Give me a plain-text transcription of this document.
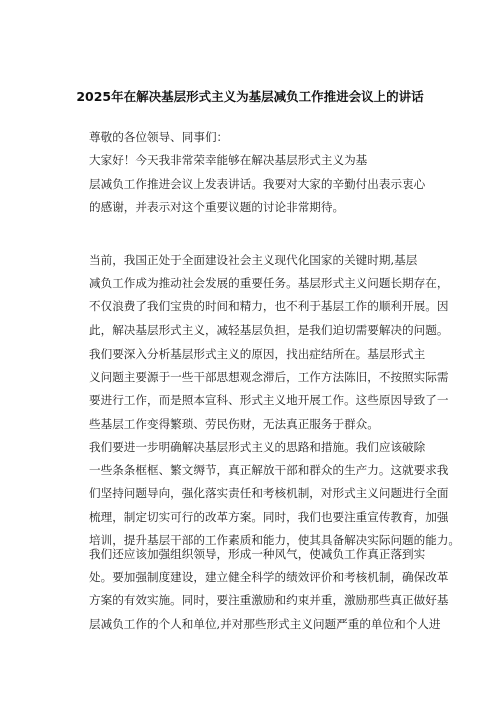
2025年在解决基层形式主义为基层减负工作推进会议上的讲话
尊敬的各位领导、同事们：
大家好！今天我非常荣幸能够在解决基层形式主义为基
层减负工作推进会议上发表讲话。我要对大家的辛勤付出表示衷心
的感谢，并表示对这个重要议题的讨论非常期待。
当前，我国正处于全面建设社会主义现代化国家的关键时期,基层
减负工作成为推动社会发展的重要任务。基层形式主义问题长期存在，
不仅浪费了我们宝贵的时间和精力，也不利于基层工作的顺利开展。因
此，解决基层形式主义，减轻基层负担，是我们迫切需要解决的问题。
我们要深入分析基层形式主义的原因，找出症结所在。基层形式主
义问题主要源于一些干部思想观念滞后，工作方法陈旧，不按照实际需
要进行工作，而是照本宣科、形式主义地开展工作。这些原因导致了一
些基层工作变得繁琐、劳民伤财，无法真正服务于群众。
我们要进一步明确解决基层形式主义的思路和措施。我们应该破除
一些条条框框、繁文缛节，真正解放干部和群众的生产力。这就要求我
们坚持问题导向，强化落实责任和考核机制，对形式主义问题进行全面
梳理，制定切实可行的改革方案。同时，我们也要注重宣传教育，加强
培训，提升基层干部的工作素质和能力，使其具备解决实际问题的能力。
我们还应该加强组织领导，形成一种风气，使减负工作真正落到实
处。要加强制度建设，建立健全科学的绩效评价和考核机制，确保改革
方案的有效实施。同时，要注重激励和约束并重，激励那些真正做好基
层减负工作的个人和单位,并对那些形式主义问题严重的单位和个人进
